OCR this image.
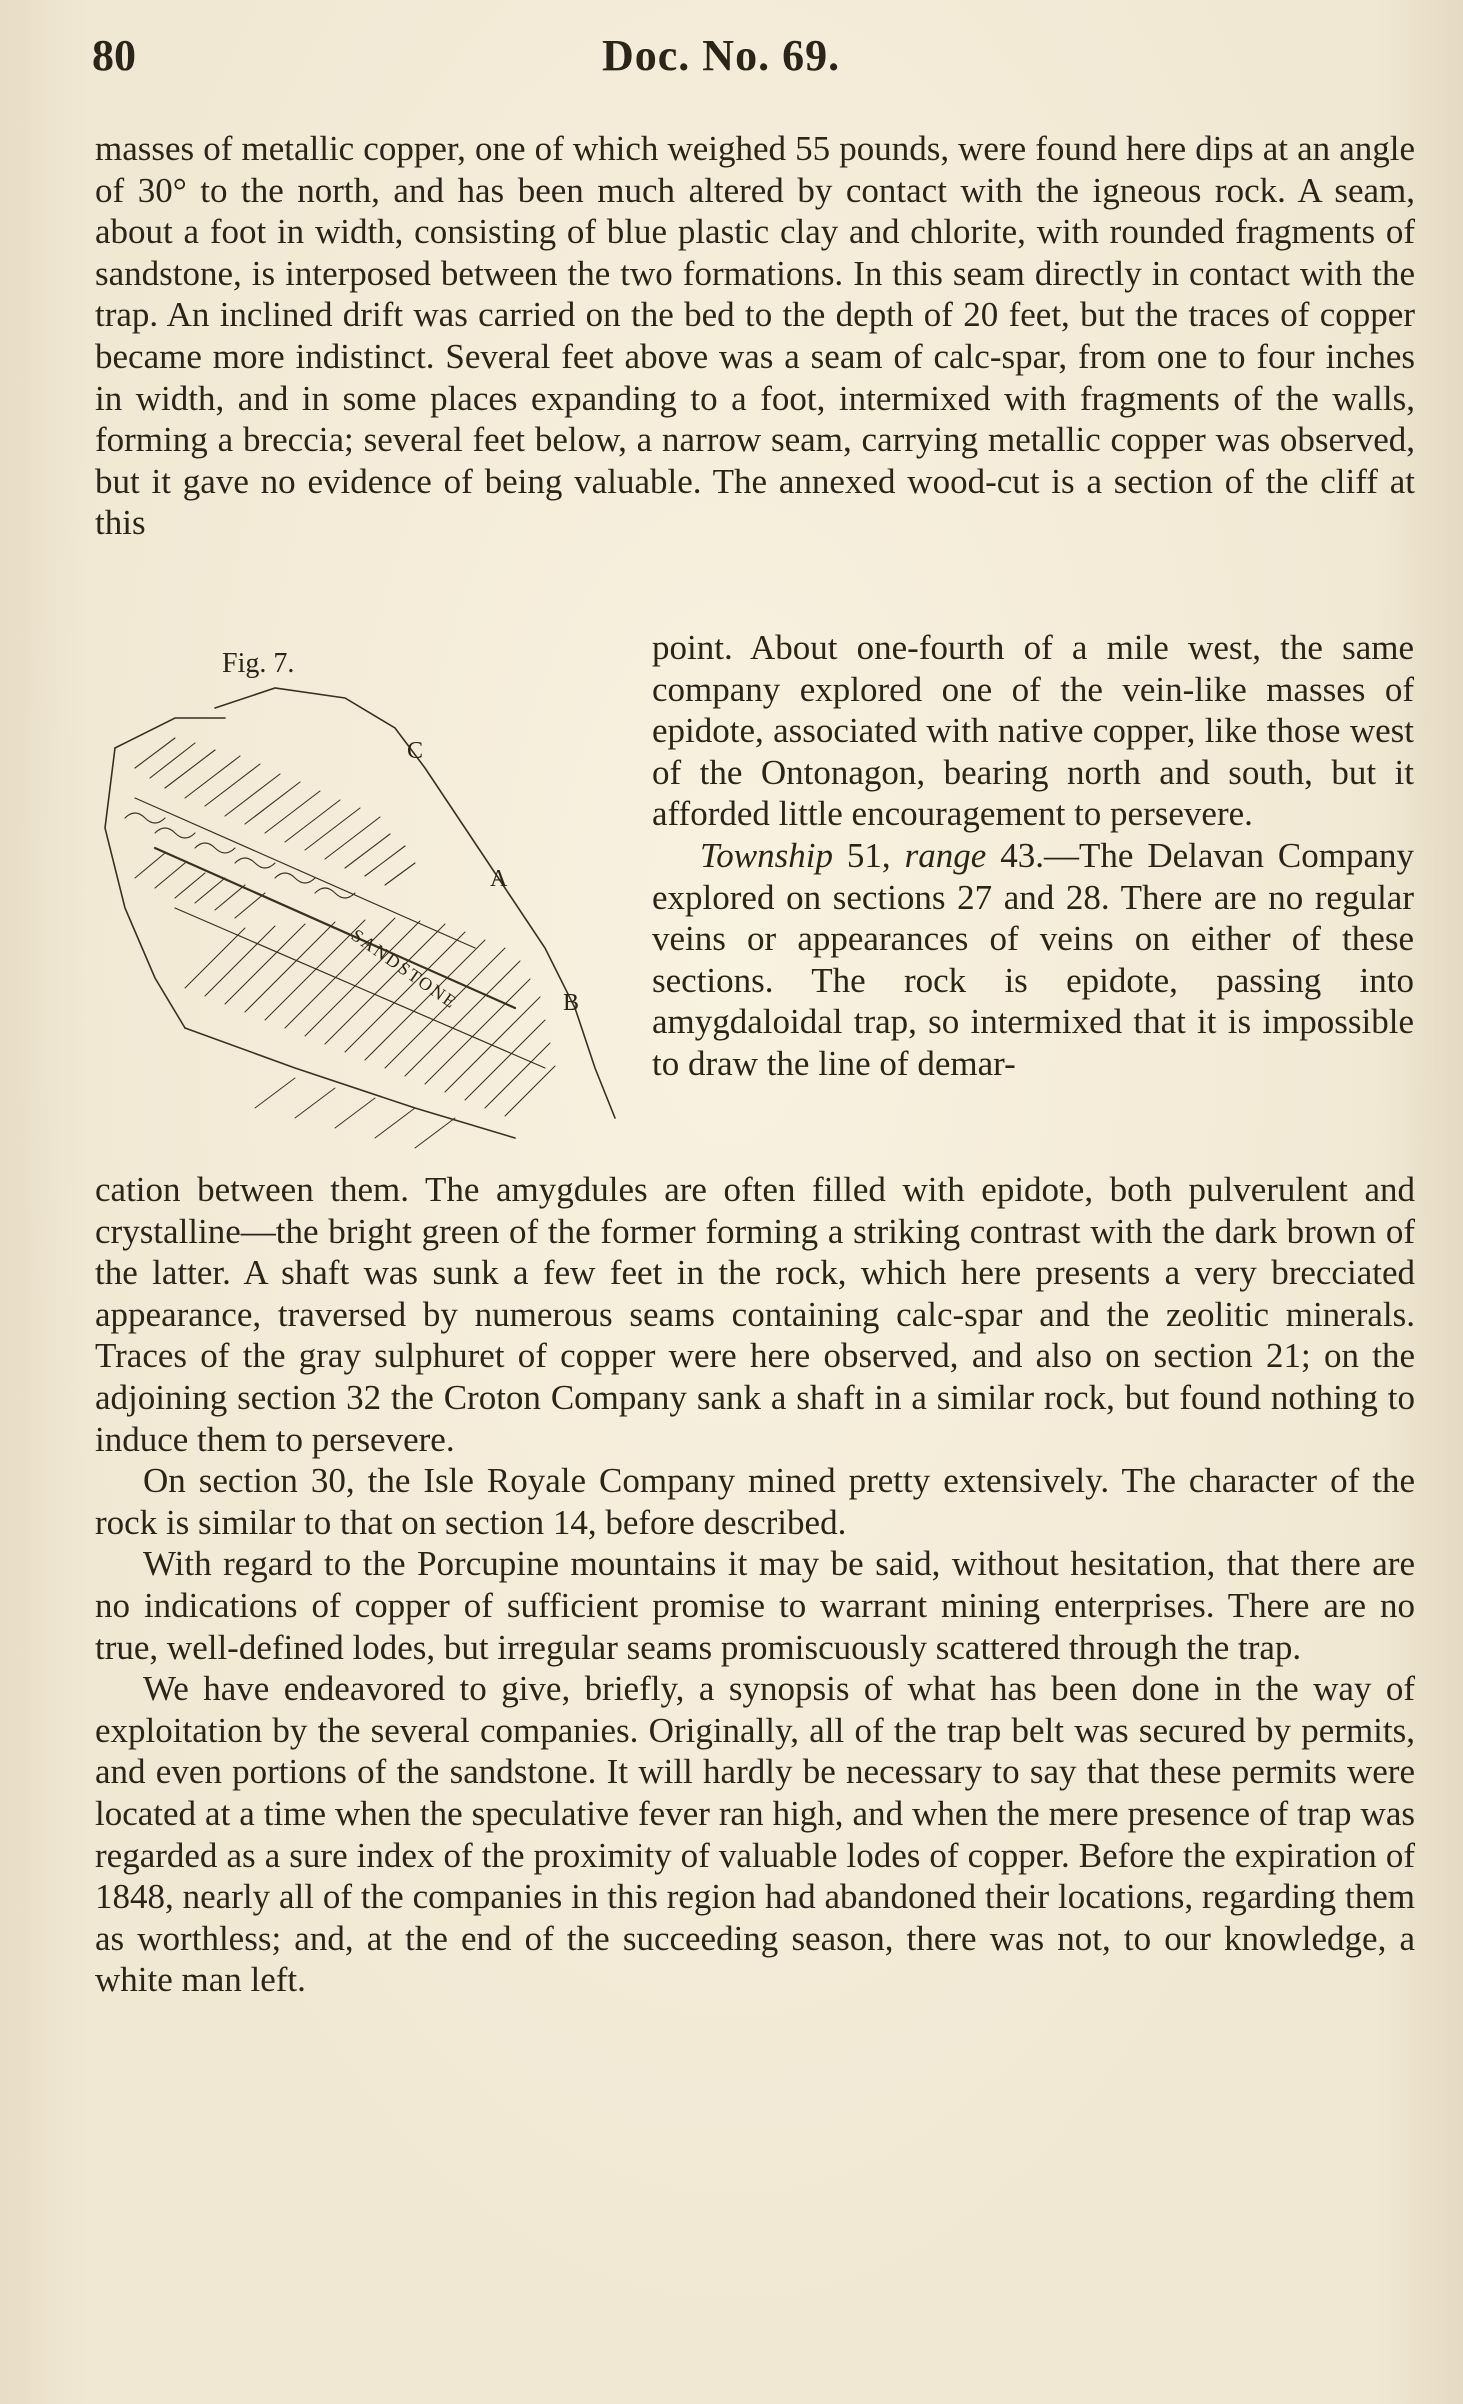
80	Doc. No. 69.

masses of metallic copper, one of which weighed 55 pounds, were found here dips at an angle of 30° to the north, and has been much altered by contact with the igneous rock. A seam, about a foot in width, consisting of blue plastic clay and chlorite, with rounded fragments of sandstone, is interposed between the two formations. In this seam directly in contact with the trap. An inclined drift was carried on the bed to the depth of 20 feet, but the traces of copper became more indistinct. Several feet above was a seam of calc-spar, from one to four inches in width, and in some places expanding to a foot, intermixed with fragments of the walls, forming a breccia; several feet below, a narrow seam, carrying metallic copper was observed, but it gave no evidence of being valuable. The annexed wood-cut is a section of the cliff at this

Fig. 7.
C
A
B
SANDSTONE

point. About one-fourth of a mile west, the same company explored one of the vein-like masses of epidote, associated with native copper, like those west of the Ontonagon, bearing north and south, but it afforded little encouragement to persevere.

Township 51, range 43.—The Delavan Company explored on sections 27 and 28. There are no regular veins or appearances of veins on either of these sections. The rock is epidote, passing into amygdaloidal trap, so intermixed that it is impossible to draw the line of demar-

cation between them. The amygdules are often filled with epidote, both pulverulent and crystalline—the bright green of the former forming a striking contrast with the dark brown of the latter. A shaft was sunk a few feet in the rock, which here presents a very brecciated appearance, traversed by numerous seams containing calc-spar and the zeolitic minerals. Traces of the gray sulphuret of copper were here observed, and also on section 21; on the adjoining section 32 the Croton Company sank a shaft in a similar rock, but found nothing to induce them to persevere.

On section 30, the Isle Royale Company mined pretty extensively. The character of the rock is similar to that on section 14, before described.

With regard to the Porcupine mountains it may be said, without hesitation, that there are no indications of copper of sufficient promise to warrant mining enterprises. There are no true, well-defined lodes, but irregular seams promiscuously scattered through the trap.

We have endeavored to give, briefly, a synopsis of what has been done in the way of exploitation by the several companies. Originally, all of the trap belt was secured by permits, and even portions of the sandstone. It will hardly be necessary to say that these permits were located at a time when the speculative fever ran high, and when the mere presence of trap was regarded as a sure index of the proximity of valuable lodes of copper. Before the expiration of 1848, nearly all of the companies in this region had abandoned their locations, regarding them as worthless; and, at the end of the succeeding season, there was not, to our knowledge, a white man left.
